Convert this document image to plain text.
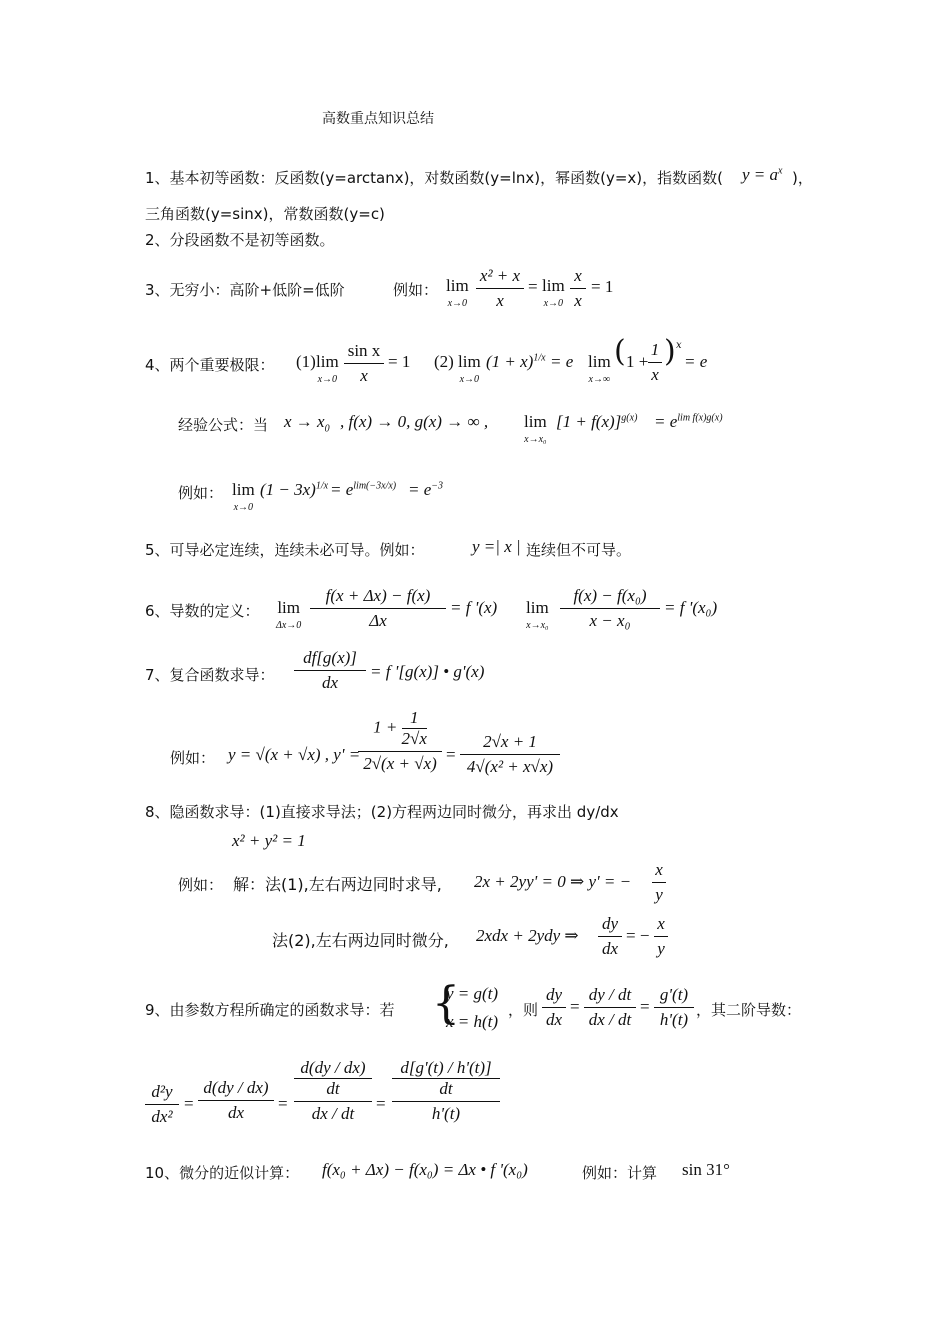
高数重点知识总结
1、基本初等函数：反函数(y=arctanx)，对数函数(y=lnx)，幂函数(y=x)，指数函数( $y = a^x$ )，
三角函数(y=sinx)，常数函数(y=c)
2、分段函数不是初等函数。
3、无穷小：高阶+低阶=低阶	例如： lim
x→0
x² + x
x
= lim
x→0
x
x
= 1
4、两个重要极限： (1) lim
x→0
sin x
x
= 1 (2) lim
x→0
$(1 + x)^{1/x} = e$ lim
x→∞
( 1 +
1
x
) x
= e
经验公式：当 $x \to x_0$ , f(x) → 0, g(x) → ∞ , lim
x→x₀
$[1 + f(x)]^{g(x)} = e^{lim f(x)g(x)}$
例如： lim
x→0
$(1 - 3x)^{1/x} = e^{lim(-3x/x)} = e^{-3}$
5、可导必定连续，连续未必可导。例如：	y =| x | 连续但不可导。
6、导数的定义： lim
Δx→0
f(x + Δx) − f(x)
Δx
= f '(x) lim
x→x₀
f(x) − f(x₀)
x − x₀
= f '(x₀)
7、复合函数求导：
df[g(x)]
dx
= f '[g(x)] • g'(x)
例如： y = √(x + √x) , y' =
$1 + \frac{1}{2√x}$
2√(x + √x) =
2√x + 1
4√(x² + x√x)
8、隐函数求导：(1)直接求导法；(2)方程两边同时微分，再求出 dy/dx
x² + y² = 1
例如： 解：法(1),左右两边同时求导, 2x + 2yy' = 0 ⇒ y' = −
x
y
法(2),左右两边同时微分, 2xdx + 2ydy ⇒
dy
dx
= −
x
y
9、由参数方程所确定的函数求导：若 {
y = g(t)
x = h(t)
，则
dy
dx
=
dy / dt
dx / dt
=
g'(t)
h'(t) ，其二阶导数：
d²y
dx²
=
d(dy / dx)
dx	=
d(dy / dx)
dt
dx / dt
=
d[g'(t) / h'(t)]
dt
h'(t)
10、微分的近似计算： f(x₀ + Δx) − f(x₀) = Δx • f '(x₀)	例如：计算 sin 31°
